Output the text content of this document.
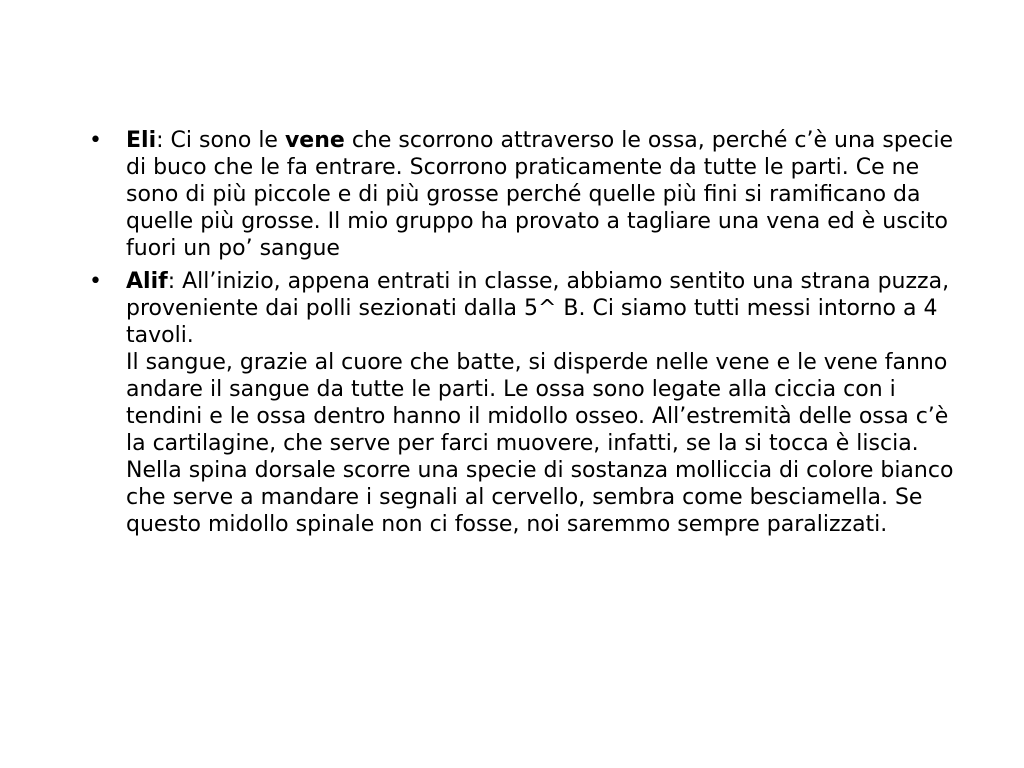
• Eli: Ci sono le vene che scorrono attraverso le ossa, perché c’è una specie di buco che le fa entrare. Scorrono praticamente da tutte le parti. Ce ne sono di più piccole e di più grosse perché quelle più fini si ramificano da quelle più grosse. Il mio gruppo ha provato a tagliare una vena ed è uscito fuori un po’ sangue
• Alif: All’inizio, appena entrati in classe, abbiamo sentito una strana puzza, proveniente dai polli sezionati dalla 5^ B. Ci siamo tutti messi intorno a 4 tavoli.
Il sangue, grazie al cuore che batte, si disperde nelle vene e le vene fanno andare il sangue da tutte le parti. Le ossa sono legate alla ciccia con i tendini e le ossa dentro hanno il midollo osseo. All’estremità delle ossa c’è la cartilagine, che serve per farci muovere, infatti, se la si tocca è liscia. Nella spina dorsale scorre una specie di sostanza molliccia di colore bianco che serve a mandare i segnali al cervello, sembra come besciamella. Se questo midollo spinale non ci fosse, noi saremmo sempre paralizzati.
